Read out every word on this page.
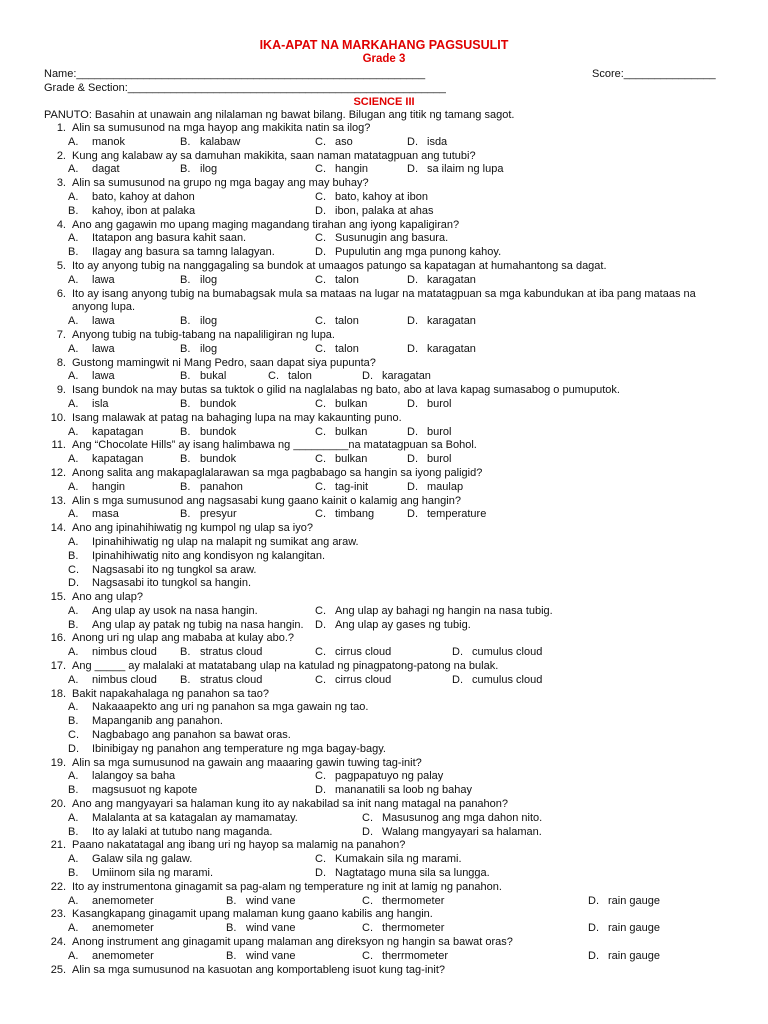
IKA-APAT NA MARKAHANG PAGSUSULIT
Grade 3
Name:_________________________________________________________	Score:_______________
Grade & Section:____________________________________________________
SCIENCE III
PANUTO: Basahin at unawain ang nilalaman ng bawat bilang. Bilugan ang titik ng tamang sagot.
1. Alin sa sumusunod na mga hayop ang makikita natin sa ilog?
A. manok	B. kalabaw	C. aso	D. isda
2. Kung ang kalabaw ay sa damuhan makikita, saan naman matatagpuan ang tutubi?
A. dagat	B. ilog	C. hangin	D. sa ilaim ng lupa
3. Alin sa sumusunod na grupo ng mga bagay ang may buhay?
A. bato, kahoy at dahon	C. bato, kahoy at ibon
B. kahoy, ibon at palaka	D. ibon, palaka at ahas
4. Ano ang gagawin mo upang maging magandang tirahan ang iyong kapaligiran?
A. Itatapon ang basura kahit saan.	C. Susunugin ang basura.
B. Ilagay ang basura sa tamng lalagyan.	D. Pupulutin ang mga punong kahoy.
5. Ito ay anyong tubig na nanggagaling sa bundok at umaagos patungo sa kapatagan at humahantong sa dagat.
A. lawa	B. ilog	C. talon	D. karagatan
6. Ito ay isang anyong tubig na bumabagsak mula sa mataas na lugar na matatagpuan sa mga kabundukan at iba pang mataas na
anyong lupa.
A. lawa	B. ilog	C. talon	D. karagatan
7. Anyong tubig na tubig-tabang na napaliligiran ng lupa.
A. lawa	B. ilog	C. talon	D. karagatan
8. Gustong mamingwit ni Mang Pedro, saan dapat siya pupunta?
A. lawa	B. bukal	C. talon	D. karagatan
9. Isang bundok na may butas sa tuktok o gilid na naglalabas ng bato, abo at lava kapag sumasabog o pumuputok.
A. isla	B. bundok	C. bulkan	D. burol
10. Isang malawak at patag na bahaging lupa na may kakaunting puno.
A. kapatagan	B. bundok	C. bulkan	D. burol
11. Ang “Chocolate Hills” ay isang halimbawa ng _________na matatagpuan sa Bohol.
A. kapatagan	B. bundok	C. bulkan	D. burol
12. Anong salita ang makapaglalarawan sa mga pagbabago sa hangin sa iyong paligid?
A. hangin	B. panahon	C. tag-init	D. maulap
13. Alin s mga sumusunod ang nagsasabi kung gaano kainit o kalamig ang hangin?
A. masa	B. presyur	C. timbang	D. temperature
14. Ano ang ipinahihiwatig ng kumpol ng ulap sa iyo?
A. Ipinahihiwatig ng ulap na malapit ng sumikat ang araw.
B. Ipinahihiwatig nito ang kondisyon ng kalangitan.
C. Nagsasabi ito ng tungkol sa araw.
D. Nagsasabi ito tungkol sa hangin.
15. Ano ang ulap?
A. Ang ulap ay usok na nasa hangin.	C. Ang ulap ay bahagi ng hangin na nasa tubig.
B. Ang ulap ay patak ng tubig na nasa hangin. D. Ang ulap ay gases ng tubig.
16. Anong uri ng ulap ang mababa at kulay abo.?
A. nimbus cloud B. stratus cloud	C. cirrus cloud	D. cumulus cloud
17. Ang _____ ay malalaki at matatabang ulap na katulad ng pinagpatong-patong na bulak.
A. nimbus cloud B. stratus cloud	C. cirrus cloud	D. cumulus cloud
18. Bakit napakahalaga ng panahon sa tao?
A. Nakaaapekto ang uri ng panahon sa mga gawain ng tao.
B. Mapanganib ang panahon.
C. Nagbabago ang panahon sa bawat oras.
D. Ibinibigay ng panahon ang temperature ng mga bagay-bagy.
19. Alin sa mga sumusunod na gawain ang maaaring gawin tuwing tag-init?
A. lalangoy sa baha	C. pagpapatuyo ng palay
B. magsusuot ng kapote	D. mananatili sa loob ng bahay
20. Ano ang mangyayari sa halaman kung ito ay nakabilad sa init nang matagal na panahon?
A. Malalanta at sa katagalan ay mamamatay.	C. Masusunog ang mga dahon nito.
B. Ito ay lalaki at tutubo nang maganda.	D. Walang mangyayari sa halaman.
21. Paano nakatatagal ang ibang uri ng hayop sa malamig na panahon?
A. Galaw sila ng galaw.	C. Kumakain sila ng marami.
B. Umiinom sila ng marami.	D. Nagtatago muna sila sa lungga.
22. Ito ay instrumentona ginagamit sa pag-alam ng temperature ng init at lamig ng panahon.
A. anemometer	B. wind vane	C. thermometer	D. rain gauge
23. Kasangkapang ginagamit upang malaman kung gaano kabilis ang hangin.
A. anemometer	B. wind vane	C. thermometer	D. rain gauge
24. Anong instrument ang ginagamit upang malaman ang direksyon ng hangin sa bawat oras?
A. anemometer	B. wind vane	C. therrmometer	D. rain gauge
25. Alin sa mga sumusunod na kasuotan ang komportableng isuot kung tag-init?
